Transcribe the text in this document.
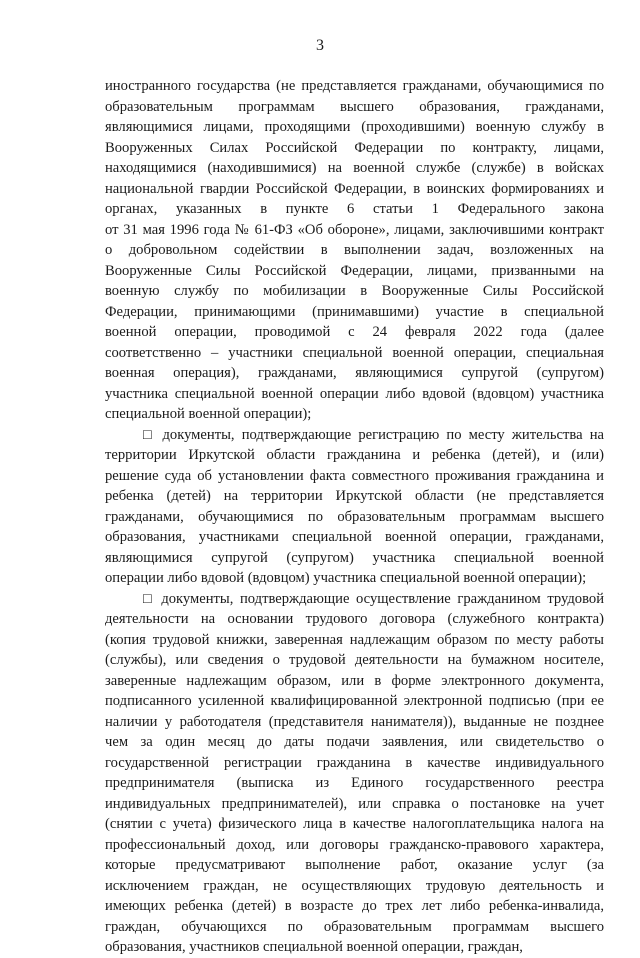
3
иностранного государства (не представляется гражданами, обучающимися по
образовательным программам высшего образования, гражданами,
являющимися лицами, проходящими (проходившими) военную службу в
Вооруженных Силах Российской Федерации по контракту, лицами,
находящимися (находившимися) на военной службе (службе) в войсках
национальной гвардии Российской Федерации, в воинских формированиях и
органах, указанных в пункте 6 статьи 1 Федерального закона
от 31 мая 1996 года № 61-ФЗ «Об обороне», лицами, заключившими контракт
о добровольном содействии в выполнении задач, возложенных на
Вооруженные Силы Российской Федерации, лицами, призванными на
военную службу по мобилизации в Вооруженные Силы Российской
Федерации, принимающими (принимавшими) участие в специальной
военной операции, проводимой с 24 февраля 2022 года (далее
соответственно – участники специальной военной операции, специальная
военная операция), гражданами, являющимися супругой (супругом)
участника специальной военной операции либо вдовой (вдовцом) участника
специальной военной операции);
□ документы, подтверждающие регистрацию по месту жительства на
территории Иркутской области гражданина и ребенка (детей), и (или)
решение суда об установлении факта совместного проживания гражданина и
ребенка (детей) на территории Иркутской области (не представляется
гражданами, обучающимися по образовательным программам высшего
образования, участниками специальной военной операции, гражданами,
являющимися супругой (супругом) участника специальной военной
операции либо вдовой (вдовцом) участника специальной военной операции);
□ документы, подтверждающие осуществление гражданином трудовой
деятельности на основании трудового договора (служебного контракта)
(копия трудовой книжки, заверенная надлежащим образом по месту работы
(службы), или сведения о трудовой деятельности на бумажном носителе,
заверенные надлежащим образом, или в форме электронного документа,
подписанного усиленной квалифицированной электронной подписью (при ее
наличии у работодателя (представителя нанимателя)), выданные не позднее
чем за один месяц до даты подачи заявления, или свидетельство о
государственной регистрации гражданина в качестве индивидуального
предпринимателя (выписка из Единого государственного реестра
индивидуальных предпринимателей), или справка о постановке на учет
(снятии с учета) физического лица в качестве налогоплательщика налога на
профессиональный доход, или договоры гражданско-правового характера,
которые предусматривают выполнение работ, оказание услуг (за
исключением граждан, не осуществляющих трудовую деятельность и
имеющих ребенка (детей) в возрасте до трех лет либо ребенка-инвалида,
граждан, обучающихся по образовательным программам высшего
образования, участников специальной военной операции, граждан,
